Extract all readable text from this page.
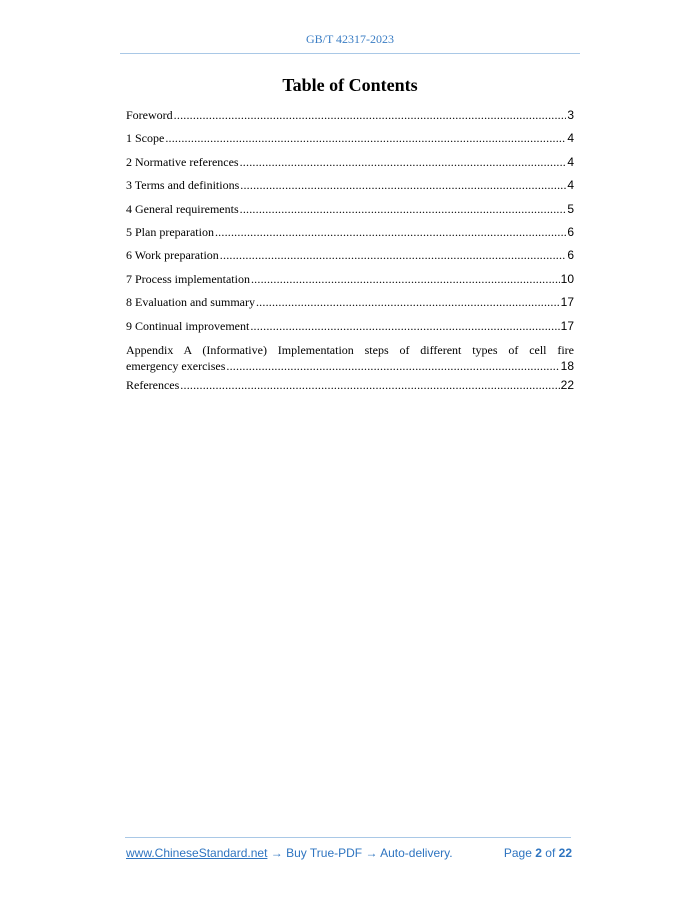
GB/T 42317-2023
Table of Contents
Foreword .....	3
1 Scope .....	4
2 Normative references .....	4
3 Terms and definitions .....	4
4 General requirements .....	5
5 Plan preparation .....	6
6 Work preparation .....	6
7 Process implementation .....	10
8 Evaluation and summary .....	17
9 Continual improvement .....	17
Appendix A (Informative) Implementation steps of different types of cell fire
emergency exercises .....	18
References .....	22
www.ChineseStandard.net → Buy True-PDF → Auto-delivery.	Page 2 of 22
